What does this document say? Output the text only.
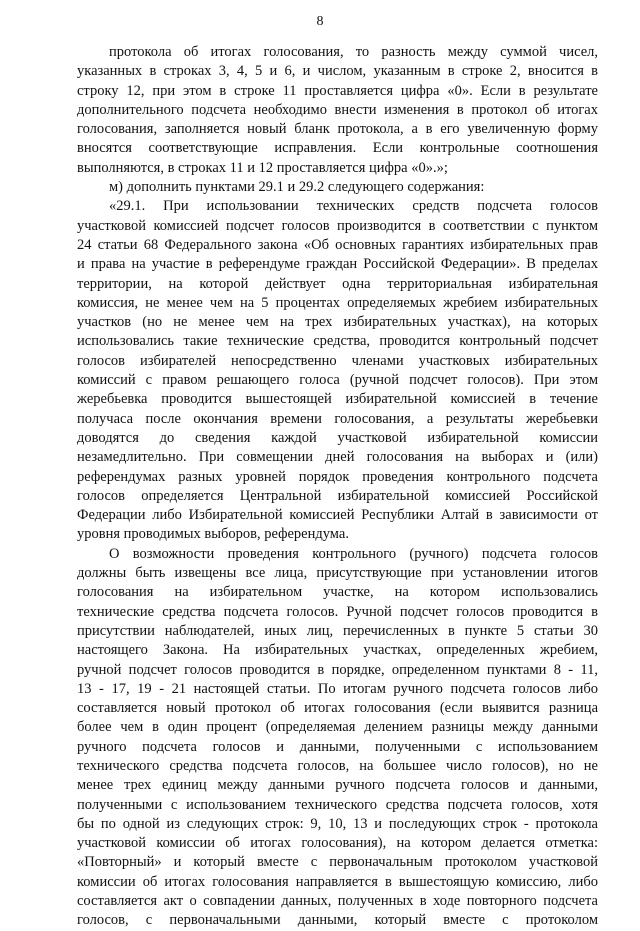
8
протокола об итогах голосования, то разность между суммой чисел,
указанных в строках 3, 4, 5 и 6, и числом, указанным в строке 2, вносится в
строку 12, при этом в строке 11 проставляется цифра «0». Если в результате
дополнительного подсчета необходимо внести изменения в протокол об итогах
голосования, заполняется новый бланк протокола, а в его увеличенную форму
вносятся соответствующие исправления. Если контрольные соотношения
выполняются, в строках 11 и 12 проставляется цифра «0».»;
м) дополнить пунктами 29.1 и 29.2 следующего содержания:
«29.1. При использовании технических средств подсчета голосов
участковой комиссией подсчет голосов производится в соответствии с пунктом
24 статьи 68 Федерального закона «Об основных гарантиях избирательных прав
и права на участие в референдуме граждан Российской Федерации». В пределах
территории, на которой действует одна территориальная избирательная
комиссия, не менее чем на 5 процентах определяемых жребием избирательных
участков (но не менее чем на трех избирательных участках), на которых
использовались такие технические средства, проводится контрольный подсчет
голосов избирателей непосредственно членами участковых избирательных
комиссий с правом решающего голоса (ручной подсчет голосов). При этом
жеребьевка проводится вышестоящей избирательной комиссией в течение
получаса после окончания времени голосования, а результаты жеребьевки
доводятся до сведения каждой участковой избирательной комиссии
незамедлительно. При совмещении дней голосования на выборах и (или)
референдумах разных уровней порядок проведения контрольного подсчета
голосов определяется Центральной избирательной комиссией Российской
Федерации либо Избирательной комиссией Республики Алтай в зависимости от
уровня проводимых выборов, референдума.
О возможности проведения контрольного (ручного) подсчета голосов
должны быть извещены все лица, присутствующие при установлении итогов
голосования на избирательном участке, на котором использовались
технические средства подсчета голосов. Ручной подсчет голосов проводится в
присутствии наблюдателей, иных лиц, перечисленных в пункте 5 статьи 30
настоящего Закона. На избирательных участках, определенных жребием,
ручной подсчет голосов проводится в порядке, определенном пунктами 8 - 11,
13 - 17, 19 - 21 настоящей статьи. По итогам ручного подсчета голосов либо
составляется новый протокол об итогах голосования (если выявится разница
более чем в один процент (определяемая делением разницы между данными
ручного подсчета голосов и данными, полученными с использованием
технического средства подсчета голосов, на большее число голосов), но не
менее трех единиц между данными ручного подсчета голосов и данными,
полученными с использованием технического средства подсчета голосов, хотя
бы по одной из следующих строк: 9, 10, 13 и последующих строк - протокола
участковой комиссии об итогах голосования), на котором делается отметка:
«Повторный» и который вместе с первоначальным протоколом участковой
комиссии об итогах голосования направляется в вышестоящую комиссию, либо
составляется акт о совпадении данных, полученных в ходе повторного подсчета
голосов, с первоначальными данными, который вместе с протоколом
